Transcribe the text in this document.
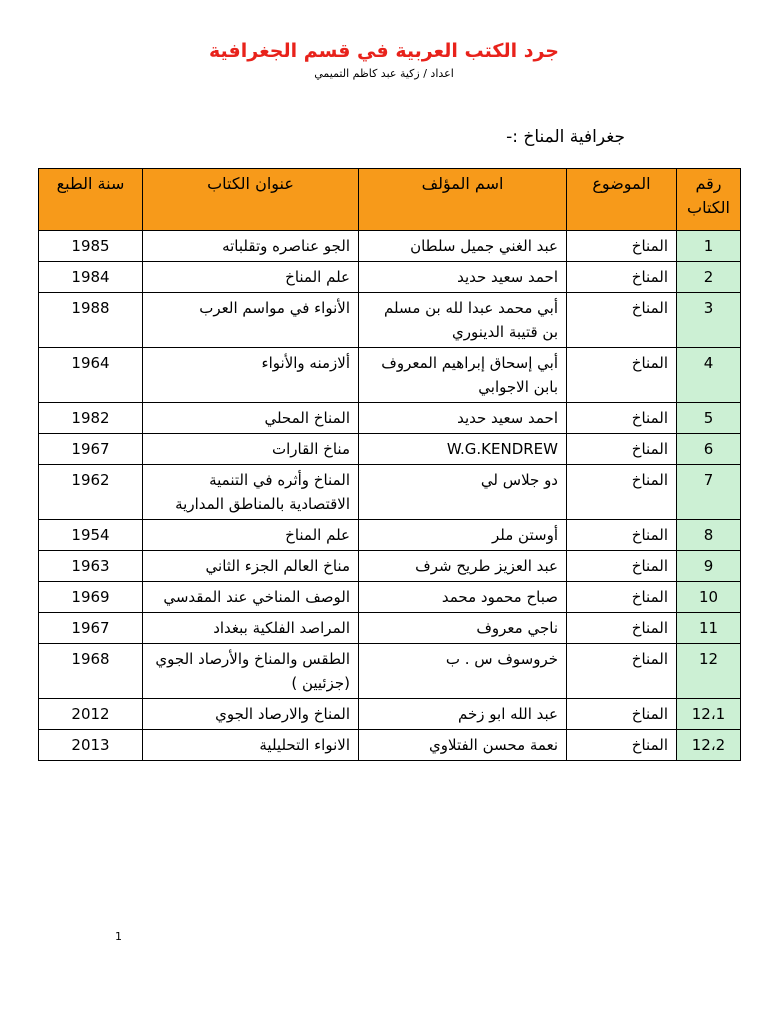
جرد الكتب العربية في قسم الجغرافية
اعداد / زكية عبد كاظم التميمي
جغرافية المناخ :-
رقم الكتاب	الموضوع	اسم المؤلف	عنوان الكتاب	سنة الطبع
1	المناخ	عبد الغني جميل سلطان	الجو عناصره وتقلباته	1985
2	المناخ	احمد سعيد حديد	علم المناخ	1984
3	المناخ	أبي محمد عبدا لله بن مسلم بن قتيبة الدينوري	الأنواء في مواسم العرب	1988
4	المناخ	أبي إسحاق إبراهيم المعروف بابن الاجوابي	ألازمنه والأنواء	1964
5	المناخ	احمد سعيد حديد	المناخ المحلي	1982
6	المناخ	W.G.KENDREW	مناخ القارات	1967
7	المناخ	دو جلاس لي	المناخ وأثره في التنمية الاقتصادية بالمناطق المدارية	1962
8	المناخ	أوستن ملر	علم المناخ	1954
9	المناخ	عبد العزيز طريح شرف	مناخ العالم الجزء الثاني	1963
10	المناخ	صباح محمود محمد	الوصف المناخي عند المقدسي	1969
11	المناخ	ناجي معروف	المراصد الفلكية ببغداد	1967
12	المناخ	خروسوف س . ب	الطقس والمناخ والأرصاد الجوي (جزئيين )	1968
12،1	المناخ	عبد الله ابو زخم	المناخ والارصاد الجوي	2012
12،2	المناخ	نعمة محسن الفتلاوي	الانواء التحليلية	2013
1
